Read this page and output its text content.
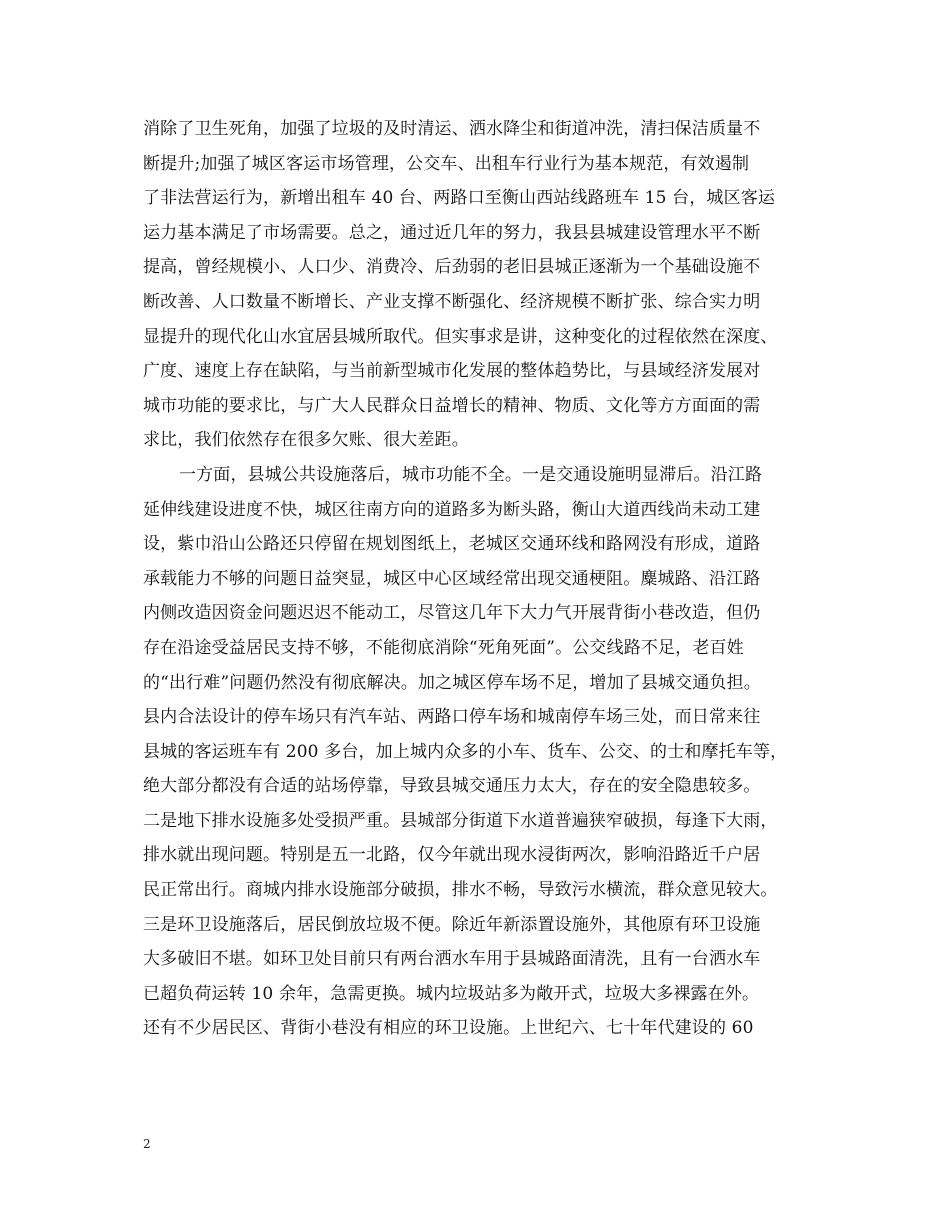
消除了卫生死角，加强了垃圾的及时清运、洒水降尘和街道冲洗，清扫保洁质量不
断提升;加强了城区客运市场管理，公交车、出租车行业行为基本规范，有效遏制
了非法营运行为，新增出租车 40 台、两路口至衡山西站线路班车 15 台，城区客运
运力基本满足了市场需要。总之，通过近几年的努力，我县县城建设管理水平不断
提高，曾经规模小、人口少、消费冷、后劲弱的老旧县城正逐渐为一个基础设施不
断改善、人口数量不断增长、产业支撑不断强化、经济规模不断扩张、综合实力明
显提升的现代化山水宜居县城所取代。但实事求是讲，这种变化的过程依然在深度、
广度、速度上存在缺陷，与当前新型城市化发展的整体趋势比，与县域经济发展对
城市功能的要求比，与广大人民群众日益增长的精神、物质、文化等方方面面的需
求比，我们依然存在很多欠账、很大差距。
一方面，县城公共设施落后，城市功能不全。一是交通设施明显滞后。沿江路
延伸线建设进度不快，城区往南方向的道路多为断头路，衡山大道西线尚未动工建
设，紫巾沿山公路还只停留在规划图纸上，老城区交通环线和路网没有形成，道路
承载能力不够的问题日益突显，城区中心区域经常出现交通梗阻。麋城路、沿江路
内侧改造因资金问题迟迟不能动工，尽管这几年下大力气开展背街小巷改造，但仍
存在沿途受益居民支持不够，不能彻底消除“死角死面”。公交线路不足，老百姓
的“出行难”问题仍然没有彻底解决。加之城区停车场不足，增加了县城交通负担。
县内合法设计的停车场只有汽车站、两路口停车场和城南停车场三处，而日常来往
县城的客运班车有 200 多台，加上城内众多的小车、货车、公交、的士和摩托车等，
绝大部分都没有合适的站场停靠，导致县城交通压力太大，存在的安全隐患较多。
二是地下排水设施多处受损严重。县城部分街道下水道普遍狭窄破损，每逢下大雨，
排水就出现问题。特别是五一北路，仅今年就出现水浸街两次，影响沿路近千户居
民正常出行。商城内排水设施部分破损，排水不畅，导致污水横流，群众意见较大。
三是环卫设施落后，居民倒放垃圾不便。除近年新添置设施外，其他原有环卫设施
大多破旧不堪。如环卫处目前只有两台洒水车用于县城路面清洗，且有一台洒水车
已超负荷运转 10 余年，急需更换。城内垃圾站多为敞开式，垃圾大多裸露在外。
还有不少居民区、背街小巷没有相应的环卫设施。上世纪六、七十年代建设的 60
2
